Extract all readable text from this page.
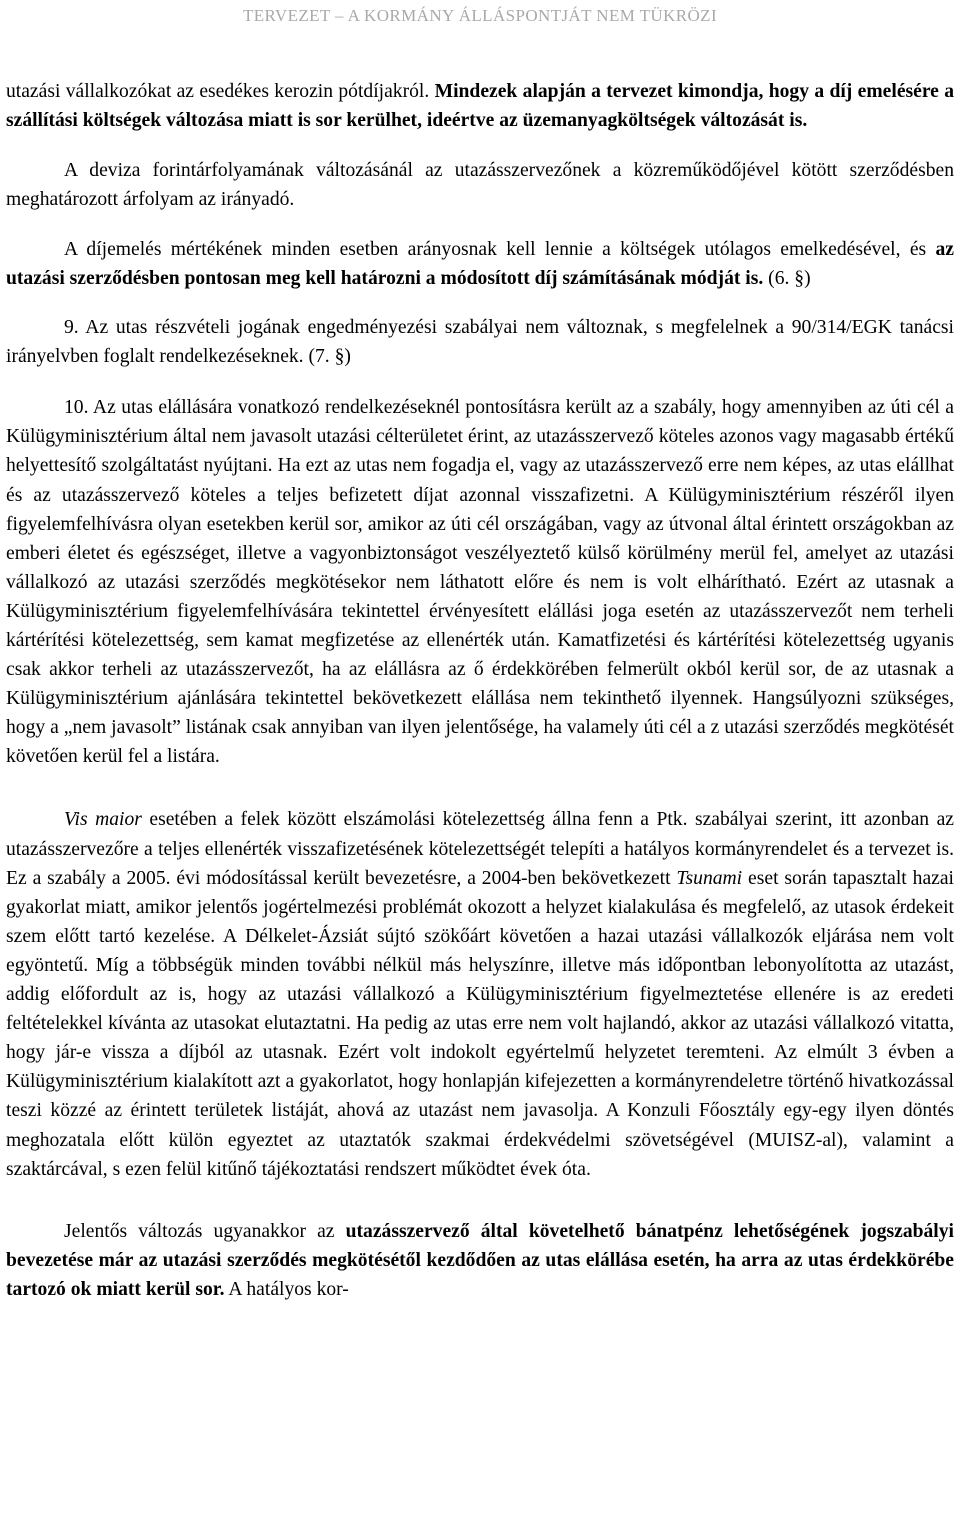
TERVEZET – A KORMÁNY ÁLLÁSPONTJÁT NEM TÜKRÖZI

utazási vállalkozókat az esedékes kerozin pótdíjakról. Mindezek alapján a tervezet kimondja, hogy a díj emelésére a szállítási költségek változása miatt is sor kerülhet, ideértve az üzemanyagköltségek változását is.

A deviza forintárfolyamának változásánál az utazásszervezőnek a közreműködőjével kötött szerződésben meghatározott árfolyam az irányadó.

A díjemelés mértékének minden esetben arányosnak kell lennie a költségek utólagos emelkedésével, és az utazási szerződésben pontosan meg kell határozni a módosított díj számításának módját is. (6. §)

9. Az utas részvételi jogának engedményezési szabályai nem változnak, s megfelelnek a 90/314/EGK tanácsi irányelvben foglalt rendelkezéseknek. (7. §)

10. Az utas elállására vonatkozó rendelkezéseknél pontosításra került az a szabály, hogy amennyiben az úti cél a Külügyminisztérium által nem javasolt utazási célterületet érint, az utazásszervező köteles azonos vagy magasabb értékű helyettesítő szolgáltatást nyújtani. Ha ezt az utas nem fogadja el, vagy az utazásszervező erre nem képes, az utas elállhat és az utazásszervező köteles a teljes befizetett díjat azonnal visszafizetni. A Külügyminisztérium részéről ilyen figyelemfelhívásra olyan esetekben kerül sor, amikor az úti cél országában, vagy az útvonal által érintett országokban az emberi életet és egészséget, illetve a vagyonbiztonságot veszélyeztető külső körülmény merül fel, amelyet az utazási vállalkozó az utazási szerződés megkötésekor nem láthatott előre és nem is volt elhárítható. Ezért az utasnak a Külügyminisztérium figyelemfelhívására tekintettel érvényesített elállási joga esetén az utazásszervezőt nem terheli kártérítési kötelezettség, sem kamat megfizetése az ellenérték után. Kamatfizetési és kártérítési kötelezettség ugyanis csak akkor terheli az utazásszervezőt, ha az elállásra az ő érdekkörében felmerült okból kerül sor, de az utasnak a Külügyminisztérium ajánlására tekintettel bekövetkezett elállása nem tekinthető ilyennek. Hangsúlyozni szükséges, hogy a „nem javasolt” listának csak annyiban van ilyen jelentősége, ha valamely úti cél a z utazási szerződés megkötését követően kerül fel a listára.

Vis maior esetében a felek között elszámolási kötelezettség állna fenn a Ptk. szabályai szerint, itt azonban az utazásszervezőre a teljes ellenérték visszafizetésének kötelezettségét telepíti a hatályos kormányrendelet és a tervezet is. Ez a szabály a 2005. évi módosítással került bevezetésre, a 2004-ben bekövetkezett Tsunami eset során tapasztalt hazai gyakorlat miatt, amikor jelentős jogértelmezési problémát okozott a helyzet kialakulása és megfelelő, az utasok érdekeit szem előtt tartó kezelése. A Délkelet-Ázsiát sújtó szökőárt követően a hazai utazási vállalkozók eljárása nem volt egyöntetű. Míg a többségük minden további nélkül más helyszínre, illetve más időpontban lebonyolította az utazást, addig előfordult az is, hogy az utazási vállalkozó a Külügyminisztérium figyelmeztetése ellenére is az eredeti feltételekkel kívánta az utasokat elutaztatni. Ha pedig az utas erre nem volt hajlandó, akkor az utazási vállalkozó vitatta, hogy jár-e vissza a díjból az utasnak. Ezért volt indokolt egyértelmű helyzetet teremteni. Az elmúlt 3 évben a Külügyminisztérium kialakított azt a gyakorlatot, hogy honlapján kifejezetten a kormányrendeletre történő hivatkozással teszi közzé az érintett területek listáját, ahová az utazást nem javasolja. A Konzuli Főosztály egy-egy ilyen döntés meghozatala előtt külön egyeztet az utaztatók szakmai érdekvédelmi szövetségével (MUISZ-al), valamint a szaktárcával, s ezen felül kitűnő tájékoztatási rendszert működtet évek óta.

Jelentős változás ugyanakkor az utazásszervező által követelhető bánatpénz lehetőségének jogszabályi bevezetése már az utazási szerződés megkötésétől kezdődően az utas elállása esetén, ha arra az utas érdekkörébe tartozó ok miatt kerül sor. A hatályos kor-
